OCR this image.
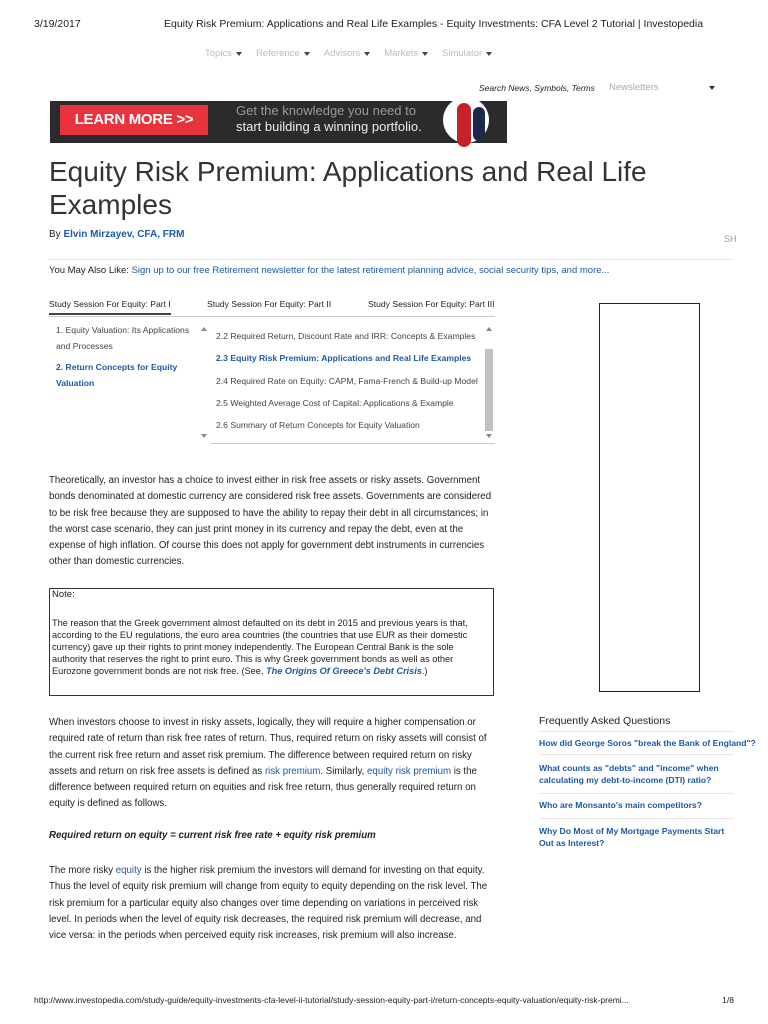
3/19/2017	Equity Risk Premium: Applications and Real Life Examples - Equity Investments: CFA Level 2 Tutorial | Investopedia
Topics	Reference	Advisors	Markets	Simulator
Search News, Symbols, Terms Newsletters
LEARN MORE >>
Get the knowledge you need to
start building a winning portfolio.
Equity Risk Premium: Applications and Real Life Examples
By Elvin Mirzayev, CFA, FRM	SH
You May Also Like: Sign up to our free Retirement newsletter for the latest retirement planning advice, social security tips, and more...
Study Session For Equity: Part I	Study Session For Equity: Part II	Study Session For Equity: Part III
1. Equity Valuation: Its Applications and Processes
2. Return Concepts for Equity Valuation
2.2 Required Return, Discount Rate and IRR: Concepts & Examples
2.3 Equity Risk Premium: Applications and Real Life Examples
2.4 Required Rate on Equity: CAPM, Fama-French & Build-up Model
2.5 Weighted Average Cost of Capital: Applications & Example
2.6 Summary of Return Concepts for Equity Valuation

Theoretically, an investor has a choice to invest either in risk free assets or risky assets. Government bonds denominated at domestic currency are considered risk free assets. Governments are considered to be risk free because they are supposed to have the ability to repay their debt in all circumstances; in the worst case scenario, they can just print money in its currency and repay the debt, even at the expense of high inflation. Of course this does not apply for government debt instruments in currencies other than domestic currencies.

Note:

The reason that the Greek government almost defaulted on its debt in 2015 and previous years is that, according to the EU regulations, the euro area countries (the countries that use EUR as their domestic currency) gave up their rights to print money independently. The European Central Bank is the sole authority that reserves the right to print euro. This is why Greek government bonds as well as other Eurozone government bonds are not risk free. (See, The Origins Of Greece's Debt Crisis.)

When investors choose to invest in risky assets, logically, they will require a higher compensation or required rate of return than risk free rates of return. Thus, required return on risky assets will consist of the current risk free return and asset risk premium. The difference between required return on risky assets and return on risk free assets is defined as risk premium. Similarly, equity risk premium is the difference between required return on equities and risk free return, thus generally required return on equity is defined as follows.

Required return on equity = current risk free rate + equity risk premium

The more risky equity is the higher risk premium the investors will demand for investing on that equity. Thus the level of equity risk premium will change from equity to equity depending on the risk level. The risk premium for a particular equity also changes over time depending on variations in perceived risk level. In periods when the level of equity risk decreases, the required risk premium will decrease, and vice versa: in the periods when perceived equity risk increases, risk premium will also increase.

Frequently Asked Questions
How did George Soros "break the Bank of England"?
What counts as "debts" and "income" when calculating my debt-to-income (DTI) ratio?
Who are Monsanto's main competitors?
Why Do Most of My Mortgage Payments Start Out as Interest?
http://www.investopedia.com/study-guide/equity-investments-cfa-level-ii-tutorial/study-session-equity-part-i/return-concepts-equity-valuation/equity-risk-premi...	1/8
